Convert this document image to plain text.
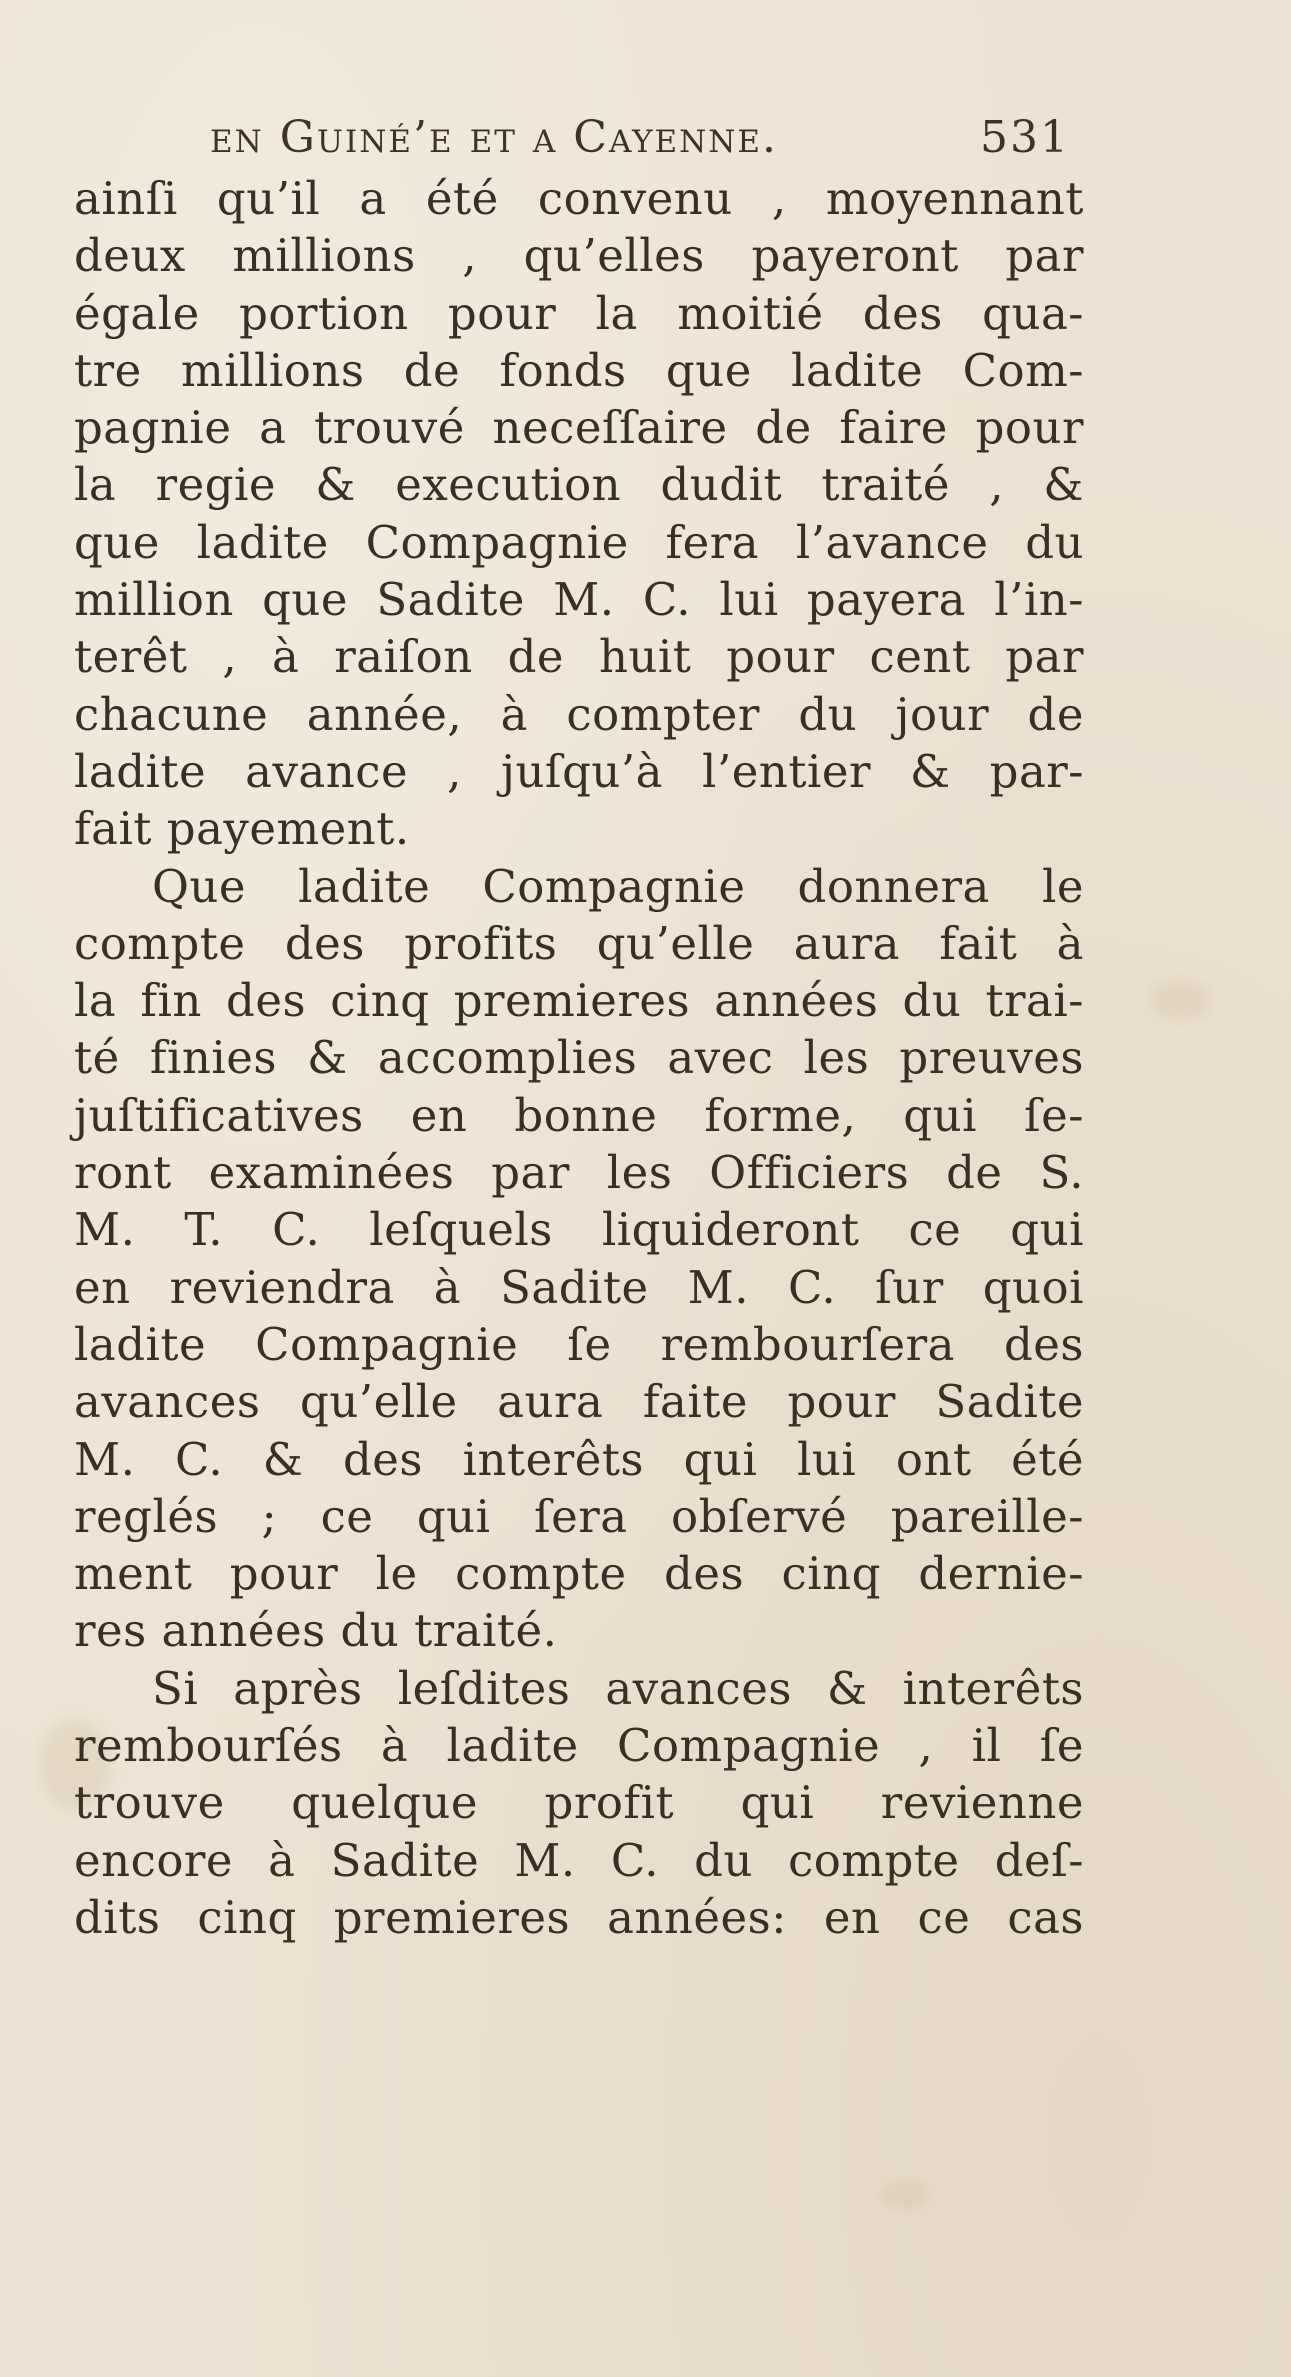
en Guiné’e et a Cayenne.	531
ainſi qu’il a été convenu , moyennant
deux millions , qu’elles payeront par
égale portion pour la moitié des qua-
tre millions de fonds que ladite Com-
pagnie a trouvé neceſſaire de faire pour
la regie & execution dudit traité , &
que ladite Compagnie fera l’avance du
million que Sadite M. C. lui payera l’in-
terêt , à raiſon de huit pour cent par
chacune année, à compter du jour de
ladite avance , juſqu’à l’entier & par-
fait payement.
Que ladite Compagnie donnera le
compte des profits qu’elle aura fait à
la fin des cinq premieres années du trai-
té finies & accomplies avec les preuves
juſtificatives en bonne forme, qui ſe-
ront examinées par les Officiers de S.
M. T. C. leſquels liquideront ce qui
en reviendra à Sadite M. C. ſur quoi
ladite Compagnie ſe rembourſera des
avances qu’elle aura faite pour Sadite
M. C. & des interêts qui lui ont été
reglés ; ce qui ſera obſervé pareille-
ment pour le compte des cinq dernie-
res années du traité.
Si après leſdites avances & interêts
rembourſés à ladite Compagnie , il ſe
trouve quelque profit qui revienne
encore à Sadite M. C. du compte deſ-
dits cinq premieres années: en ce cas
